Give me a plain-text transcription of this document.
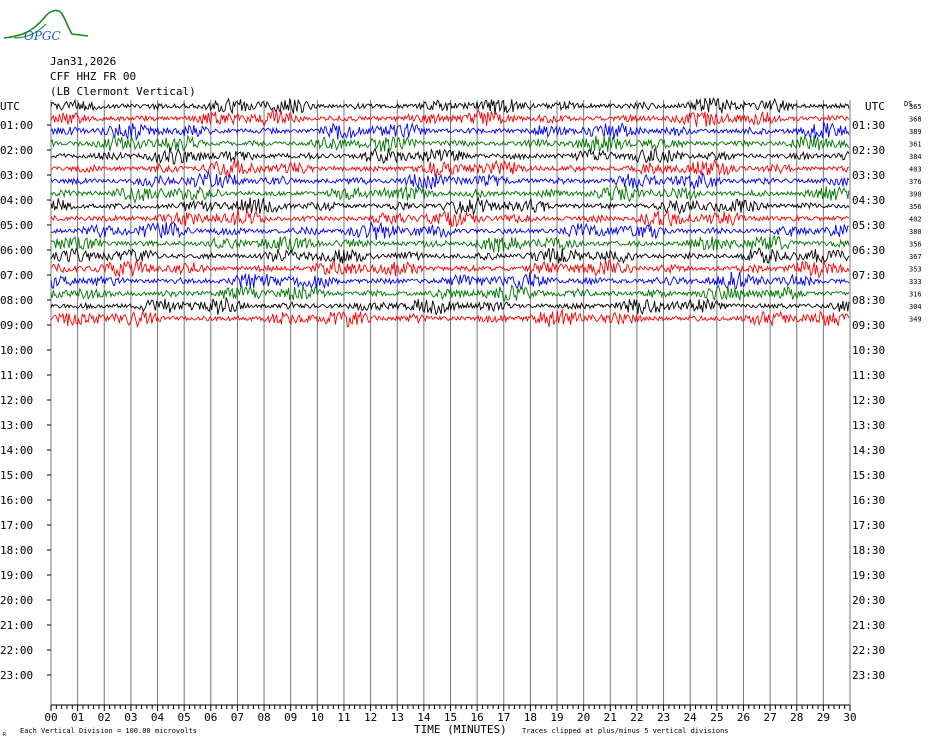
OPGC
Jan31,2026
CFF HHZ FR 00
(LB Clermont Vertical)
00 01 02 03 04 05 06 07 08 09 10 11 12 13 14 15 16 17 18 19 20 21 22 23 24 25 26 27 28 29 30
01:00
02:00
03:00
04:00
05:00
06:00
07:00
08:00
09:00
10:00
11:00
12:00
13:00
14:00
15:00
16:00
17:00
18:00
19:00
20:00
21:00
22:00
23:00
01:30
02:30
03:30
04:30
05:30
06:30
07:30
08:30
09:30
10:30
11:30
12:30
13:30
14:30
15:30
16:30
17:30
18:30
19:30
20:30
21:30
22:30
23:30
365
368
389
361
384
403
376
390
356
402
380
356
367
353
333
316
304
349
UTC	UTC	DS
TIME (MINUTES)
Each Vertical Division = 100.00 microvolts	Traces clipped at plus/minus 5 vertical divisions
R
